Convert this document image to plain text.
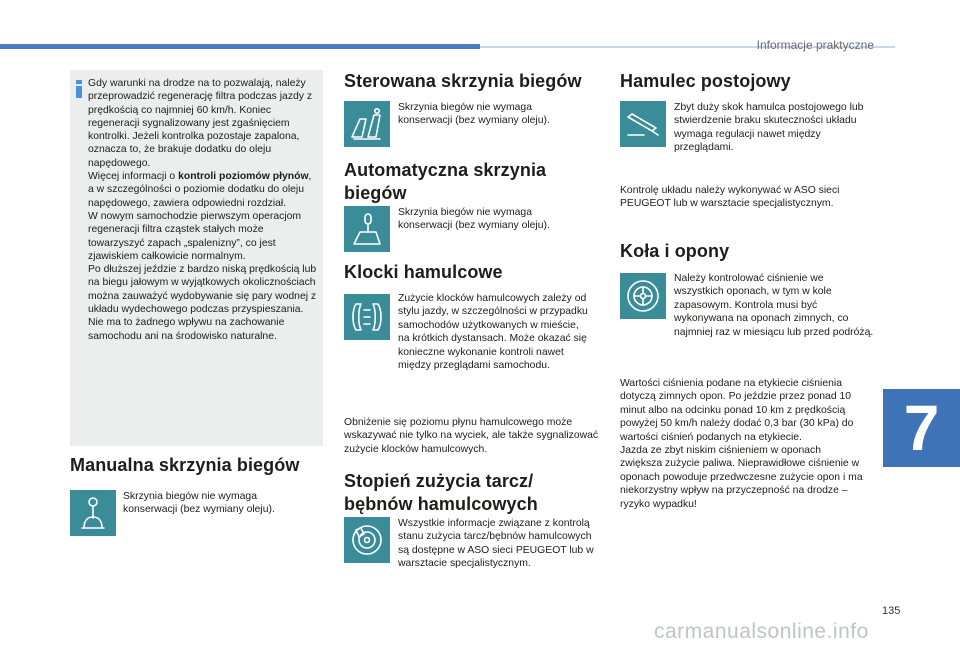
Informacje praktyczne
7

Gdy warunki na drodze na to pozwalają, należy przeprowadzić regenerację filtra podczas jazdy z prędkością co najmniej 60 km/h. Koniec regeneracji sygnalizowany jest zgaśnięciem kontrolki. Jeżeli kontrolka pozostaje zapalona, oznacza to, że brakuje dodatku do oleju napędowego.

Więcej informacji o kontroli poziomów płynów, a w szczególności o poziomie dodatku do oleju napędowego, zawiera odpowiedni rozdział.

W nowym samochodzie pierwszym operacjom regeneracji filtra cząstek stałych może towarzyszyć zapach „spalenizny”, co jest zjawiskiem całkowicie normalnym.

Po dłuższej jeździe z bardzo niską prędkością lub na biegu jałowym w wyjątkowych okolicznościach można zauważyć wydobywanie się pary wodnej z układu wydechowego podczas przyspieszania. Nie ma to żadnego wpływu na zachowanie samochodu ani na środowisko naturalne.

Manualna skrzynia biegów
Skrzynia biegów nie wymaga konserwacji (bez wymiany oleju).
Sterowana skrzynia biegów
Skrzynia biegów nie wymaga konserwacji (bez wymiany oleju).
Automatyczna skrzynia
biegów
Skrzynia biegów nie wymaga konserwacji (bez wymiany oleju).
Klocki hamulcowe
Zużycie klocków hamulcowych zależy od stylu jazdy, w szczególności w przypadku samochodów użytkowanych w mieście, na krótkich dystansach. Może okazać się konieczne wykonanie kontroli nawet między przeglądami samochodu.
Obniżenie się poziomu płynu hamulcowego może wskazywać nie tylko na wyciek, ale także sygnalizować zużycie klocków hamulcowych.
Stopień zużycia tarcz/
bębnów hamulcowych
Wszystkie informacje związane z kontrolą stanu zużycia tarcz/bębnów hamulcowych są dostępne w ASO sieci PEUGEOT lub w warsztacie specjalistycznym.
Hamulec postojowy
Zbyt duży skok hamulca postojowego lub stwierdzenie braku skuteczności układu wymaga regulacji nawet między przeglądami.
Kontrolę układu należy wykonywać w ASO sieci PEUGEOT lub w warsztacie specjalistycznym.
Koła i opony
Należy kontrolować ciśnienie we wszystkich oponach, w tym w kole zapasowym. Kontrola musi być wykonywana na oponach zimnych, co najmniej raz w miesiącu lub przed podróżą.

Wartości ciśnienia podane na etykiecie ciśnienia dotyczą zimnych opon. Po jeździe przez ponad 10 minut albo na odcinku ponad 10 km z prędkością powyżej 50 km/h należy dodać 0,3 bar (30 kPa) do wartości ciśnień podanych na etykiecie.

Jazda ze zbyt niskim ciśnieniem w oponach zwiększa zużycie paliwa. Nieprawidłowe ciśnienie w oponach powoduje przedwczesne zużycie opon i ma niekorzystny wpływ na przyczepność na drodze – ryzyko wypadku!

135
carmanualsonline.info
